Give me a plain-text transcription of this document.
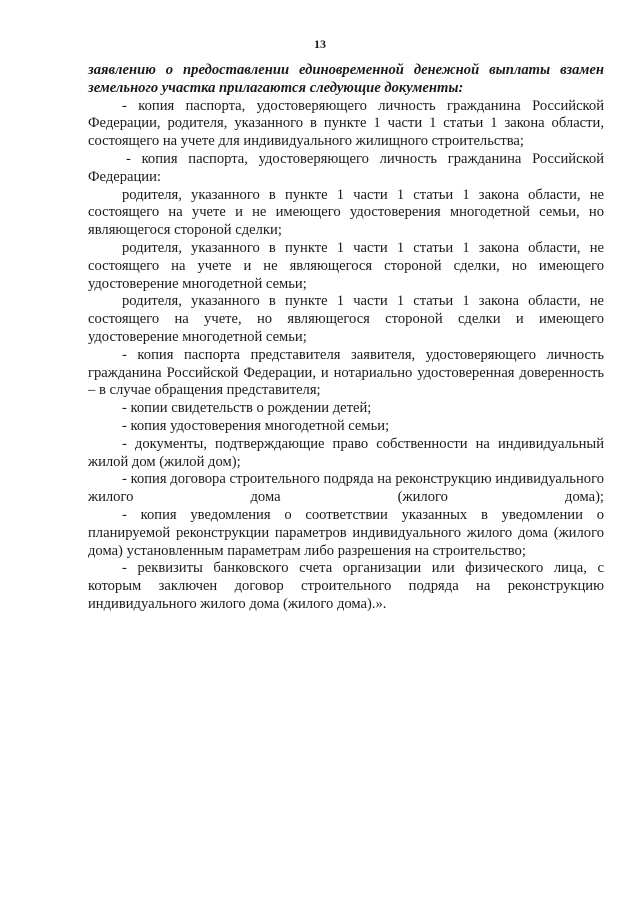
13

заявлению о предоставлении единовременной денежной выплаты взамен земельного участка прилагаются следующие документы:

- копия паспорта, удостоверяющего личность гражданина Российской Федерации, родителя, указанного в пункте 1 части 1 статьи 1 закона области, состоящего на учете для индивидуального жилищного строительства;

- копия паспорта, удостоверяющего личность гражданина Российской Федерации:

родителя, указанного в пункте 1 части 1 статьи 1 закона области, не состоящего на учете и не имеющего удостоверения многодетной семьи, но являющегося стороной сделки;

родителя, указанного в пункте 1 части 1 статьи 1 закона области, не состоящего на учете и не являющегося стороной сделки, но имеющего удостоверение многодетной семьи;

родителя, указанного в пункте 1 части 1 статьи 1 закона области, не состоящего на учете, но являющегося стороной сделки и имеющего удостоверение многодетной семьи;

- копия паспорта представителя заявителя, удостоверяющего личность гражданина Российской Федерации, и нотариально удостоверенная доверенность – в случае обращения представителя;

- копии свидетельств о рождении детей;

- копия удостоверения многодетной семьи;

- документы, подтверждающие право собственности на индивидуальный жилой дом (жилой дом);

- копия договора строительного подряда на реконструкцию индивидуального жилого дома (жилого дома);

- копия уведомления о соответствии указанных в уведомлении о планируемой реконструкции параметров индивидуального жилого дома (жилого дома) установленным параметрам либо разрешения на строительство;

- реквизиты банковского счета организации или физического лица, с которым заключен договор строительного подряда на реконструкцию индивидуального жилого дома (жилого дома).».
